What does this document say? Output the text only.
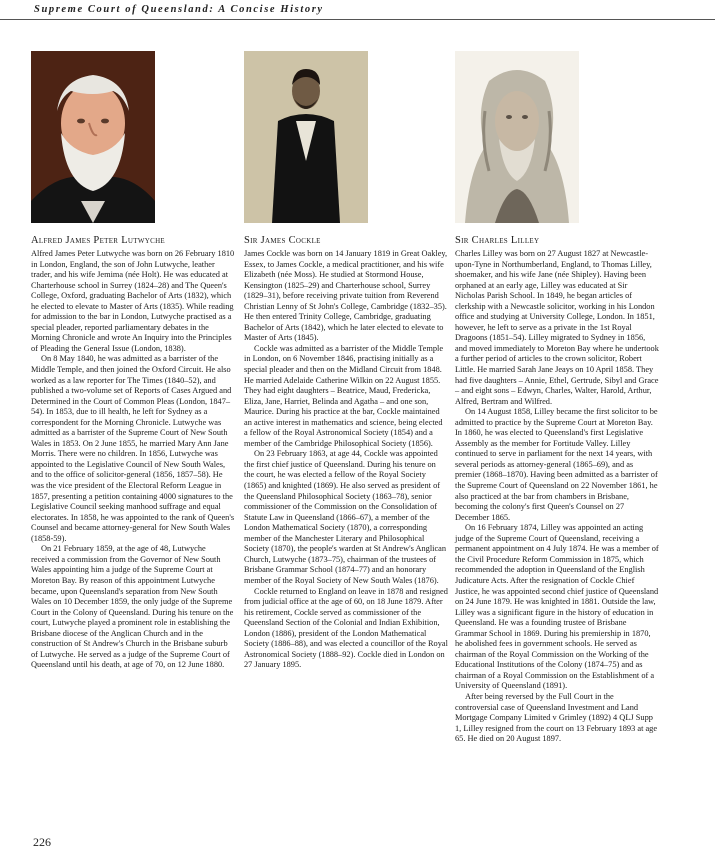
Supreme Court of Queensland: A Concise History
Alfred James Peter Lutwyche

Alfred James Peter Lutwyche was born on 26 February 1810 in London, England, the son of John Lutwyche, leather trader, and his wife Jemima (née Holt). He was educated at Charterhouse school in Surrey (1824–28) and The Queen's College, Oxford, graduating Bachelor of Arts (1832), which he elected to elevate to Master of Arts (1835). While reading for admission to the bar in London, Lutwyche practised as a special pleader, reported parliamentary debates in the Morning Chronicle and wrote An Inquiry into the Principles of Pleading the General Issue (London, 1838).

On 8 May 1840, he was admitted as a barrister of the Middle Temple, and then joined the Oxford Circuit. He also worked as a law reporter for The Times (1840–52), and published a two-volume set of Reports of Cases Argued and Determined in the Court of Common Pleas (London, 1847–54). In 1853, due to ill health, he left for Sydney as a correspondent for the Morning Chronicle. Lutwyche was admitted as a barrister of the Supreme Court of New South Wales in 1853. On 2 June 1855, he married Mary Ann Jane Morris. There were no children. In 1856, Lutwyche was appointed to the Legislative Council of New South Wales, and to the office of solicitor-general (1856, 1857–58). He was the vice president of the Electoral Reform League in 1857, presenting a petition containing 4000 signatures to the Legislative Council seeking manhood suffrage and equal electorates. In 1858, he was appointed to the rank of Queen's Counsel and became attorney-general for New South Wales (1858-59).

On 21 February 1859, at the age of 48, Lutwyche received a commission from the Governor of New South Wales appointing him a judge of the Supreme Court at Moreton Bay. By reason of this appointment Lutwyche became, upon Queensland's separation from New South Wales on 10 December 1859, the only judge of the Supreme Court in the Colony of Queensland. During his tenure on the court, Lutwyche played a prominent role in establishing the Brisbane diocese of the Anglican Church and in the construction of St Andrew's Church in the Brisbane suburb of Lutwyche. He served as a judge of the Supreme Court of Queensland until his death, at age of 70, on 12 June 1880.

Sir James Cockle

James Cockle was born on 14 January 1819 in Great Oakley, Essex, to James Cockle, a medical practitioner, and his wife Elizabeth (née Moss). He studied at Stormond House, Kensington (1825–29) and Charterhouse school, Surrey (1829–31), before receiving private tuition from Reverend Christian Lenny of St John's College, Cambridge (1832–35). He then entered Trinity College, Cambridge, graduating Bachelor of Arts (1842), which he later elected to elevate to Master of Arts (1845).

Cockle was admitted as a barrister of the Middle Temple in London, on 6 November 1846, practising initially as a special pleader and then on the Midland Circuit from 1848. He married Adelaide Catherine Wilkin on 22 August 1855. They had eight daughters – Beatrice, Maud, Fredericka, Eliza, Jane, Harriet, Belinda and Agatha – and one son, Maurice. During his practice at the bar, Cockle maintained an active interest in mathematics and science, being elected a fellow of the Royal Astronomical Society (1854) and a member of the Cambridge Philosophical Society (1856).

On 23 February 1863, at age 44, Cockle was appointed the first chief justice of Queensland. During his tenure on the court, he was elected a fellow of the Royal Society (1865) and knighted (1869). He also served as president of the Queensland Philosophical Society (1863–78), senior commissioner of the Commission on the Consolidation of Statute Law in Queensland (1866–67), a member of the London Mathematical Society (1870), a corresponding member of the Manchester Literary and Philosophical Society (1870), the people's warden at St Andrew's Anglican Church, Lutwyche (1873–75), chairman of the trustees of Brisbane Grammar School (1874–77) and an honorary member of the Royal Society of New South Wales (1876).

Cockle returned to England on leave in 1878 and resigned from judicial office at the age of 60, on 18 June 1879. After his retirement, Cockle served as commissioner of the Queensland Section of the Colonial and Indian Exhibition, London (1886), president of the London Mathematical Society (1886–88), and was elected a councillor of the Royal Astronomical Society (1888–92). Cockle died in London on 27 January 1895.

Sir Charles Lilley

Charles Lilley was born on 27 August 1827 at Newcastle-upon-Tyne in Northumberland, England, to Thomas Lilley, shoemaker, and his wife Jane (née Shipley). Having been orphaned at an early age, Lilley was educated at Sir Nicholas Parish School. In 1849, he began articles of clerkship with a Newcastle solicitor, working in his London office and studying at University College, London. In 1851, however, he left to serve as a private in the 1st Royal Dragoons (1851–54). Lilley migrated to Sydney in 1856, and moved immediately to Moreton Bay where he undertook a further period of articles to the crown solicitor, Robert Little. He married Sarah Jane Jeays on 10 April 1858. They had five daughters – Annie, Ethel, Gertrude, Sibyl and Grace – and eight sons – Edwyn, Charles, Walter, Harold, Arthur, Alfred, Bertram and Wilfred.

On 14 August 1858, Lilley became the first solicitor to be admitted to practice by the Supreme Court at Moreton Bay. In 1860, he was elected to Queensland's first Legislative Assembly as the member for Fortitude Valley. Lilley continued to serve in parliament for the next 14 years, with several periods as attorney-general (1865–69), and as premier (1868–1870). Having been admitted as a barrister of the Supreme Court of Queensland on 22 November 1861, he also practiced at the bar from chambers in Brisbane, becoming the colony's first Queen's Counsel on 27 December 1865.

On 16 February 1874, Lilley was appointed an acting judge of the Supreme Court of Queensland, receiving a permanent appointment on 4 July 1874. He was a member of the Civil Procedure Reform Commission in 1875, which recommended the adoption in Queensland of the English Judicature Acts. After the resignation of Cockle Chief Justice, he was appointed second chief justice of Queensland on 24 June 1879. He was knighted in 1881. Outside the law, Lilley was a significant figure in the history of education in Queensland. He was a founding trustee of Brisbane Grammar School in 1869. During his premiership in 1870, he abolished fees in government schools. He served as chairman of the Royal Commission on the Working of the Educational Institutions of the Colony (1874–75) and as chairman of a Royal Commission on the Establishment of a University of Queensland (1891).

After being reversed by the Full Court in the controversial case of Queensland Investment and Land Mortgage Company Limited v Grimley (1892) 4 QLJ Supp 1, Lilley resigned from the court on 13 February 1893 at age 65. He died on 20 August 1897.

226
